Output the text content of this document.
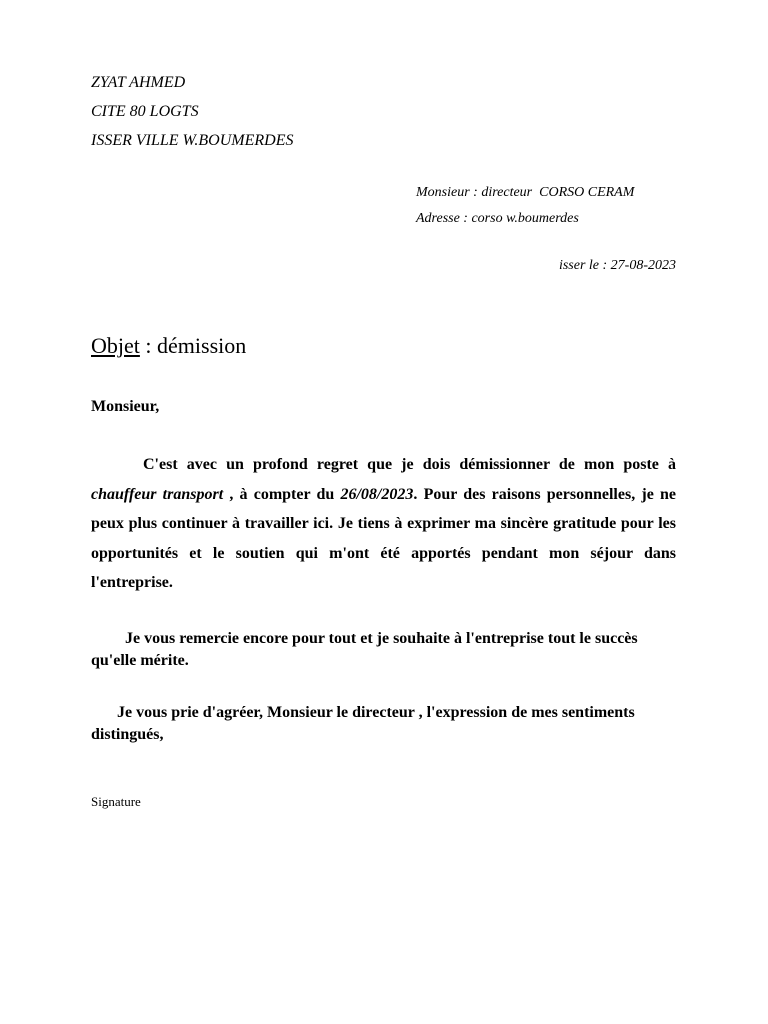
ZYAT AHMED
CITE 80 LOGTS
ISSER VILLE W.BOUMERDES
Monsieur : directeur  CORSO CERAM
Adresse : corso w.boumerdes
isser le : 27-08-2023
Objet : démission
Monsieur,
C'est avec un profond regret que je dois démissionner de mon poste à chauffeur transport , à compter du 26/08/2023. Pour des raisons personnelles, je ne peux plus continuer à travailler ici. Je tiens à exprimer ma sincère gratitude pour les opportunités et le soutien qui m'ont été apportés pendant mon séjour dans l'entreprise.
Je vous remercie encore pour tout et je souhaite à l'entreprise tout le succès qu'elle mérite.
Je vous prie d'agréer, Monsieur le directeur , l'expression de mes sentiments distingués,
Signature
